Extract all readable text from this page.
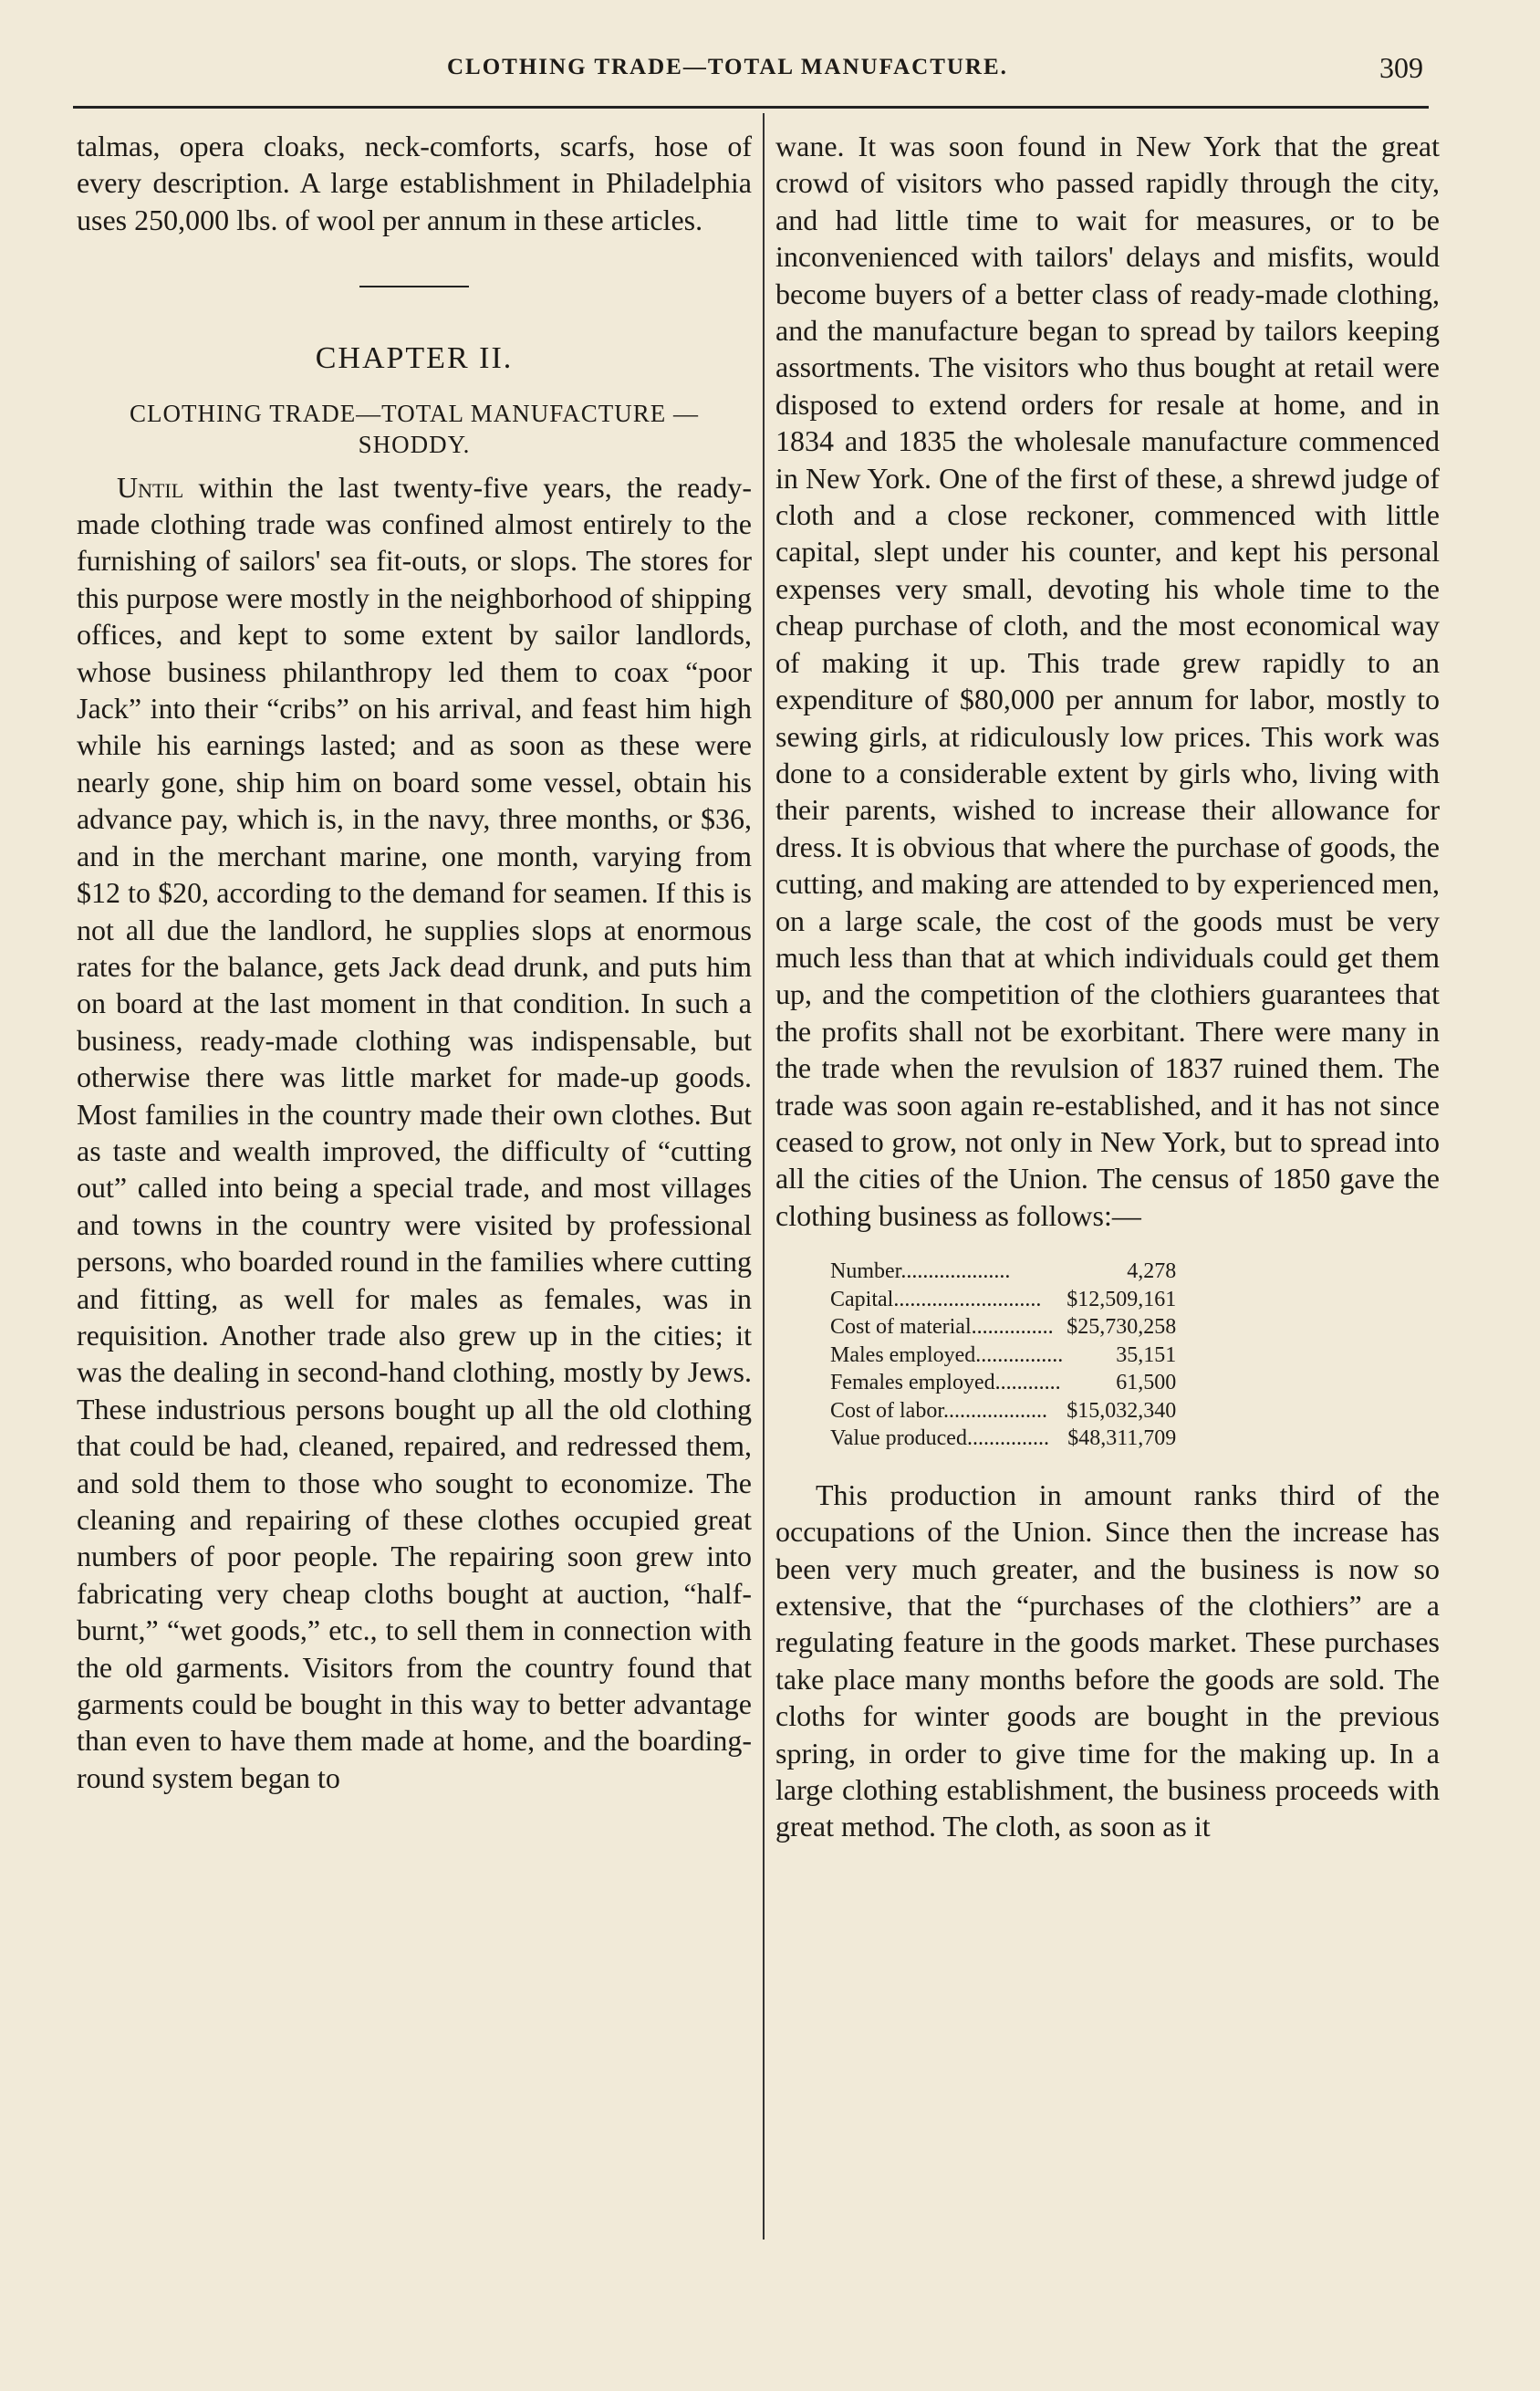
CLOTHING TRADE—TOTAL MANUFACTURE.	309

talmas, opera cloaks, neck-comforts, scarfs, hose of every description. A large establishment in Philadelphia uses 250,000 lbs. of wool per annum in these articles.

CHAPTER II.

CLOTHING TRADE—TOTAL MANUFACTURE —SHODDY.

Until within the last twenty-five years, the ready-made clothing trade was confined almost entirely to the furnishing of sailors' sea fit-outs, or slops. The stores for this purpose were mostly in the neighborhood of shipping offices, and kept to some extent by sailor landlords, whose business philanthropy led them to coax “poor Jack” into their “cribs” on his arrival, and feast him high while his earnings lasted; and as soon as these were nearly gone, ship him on board some vessel, obtain his advance pay, which is, in the navy, three months, or $36, and in the merchant marine, one month, varying from $12 to $20, according to the demand for seamen. If this is not all due the landlord, he supplies slops at enormous rates for the balance, gets Jack dead drunk, and puts him on board at the last moment in that condition. In such a business, ready-made clothing was indispensable, but otherwise there was little market for made-up goods. Most families in the country made their own clothes. But as taste and wealth improved, the difficulty of “cutting out” called into being a special trade, and most villages and towns in the country were visited by professional persons, who boarded round in the families where cutting and fitting, as well for males as females, was in requisition. Another trade also grew up in the cities; it was the dealing in second-hand clothing, mostly by Jews. These industrious persons bought up all the old clothing that could be had, cleaned, repaired, and redressed them, and sold them to those who sought to economize. The cleaning and repairing of these clothes occupied great numbers of poor people. The repairing soon grew into fabricating very cheap cloths bought at auction, “half-burnt,” “wet goods,” etc., to sell them in connection with the old garments. Visitors from the country found that garments could be bought in this way to better advantage than even to have them made at home, and the boarding-round system began to

wane. It was soon found in New York that the great crowd of visitors who passed rapidly through the city, and had little time to wait for measures, or to be inconvenienced with tailors' delays and misfits, would become buyers of a better class of ready-made clothing, and the manufacture began to spread by tailors keeping assortments. The visitors who thus bought at retail were disposed to extend orders for resale at home, and in 1834 and 1835 the wholesale manufacture commenced in New York. One of the first of these, a shrewd judge of cloth and a close reckoner, commenced with little capital, slept under his counter, and kept his personal expenses very small, devoting his whole time to the cheap purchase of cloth, and the most economical way of making it up. This trade grew rapidly to an expenditure of $80,000 per annum for labor, mostly to sewing girls, at ridiculously low prices. This work was done to a considerable extent by girls who, living with their parents, wished to increase their allowance for dress. It is obvious that where the purchase of goods, the cutting, and making are attended to by experienced men, on a large scale, the cost of the goods must be very much less than that at which individuals could get them up, and the competition of the clothiers guarantees that the profits shall not be exorbitant. There were many in the trade when the revulsion of 1837 ruined them. The trade was soon again re-established, and it has not since ceased to grow, not only in New York, but to spread into all the cities of the Union. The census of 1850 gave the clothing business as follows:—

Number....................	4,278
Capital...........................	$12,509,161
Cost of material...............	$25,730,258
Males employed................	35,151
Females employed............	61,500
Cost of labor...................	$15,032,340
Value produced...............	$48,311,709

This production in amount ranks third of the occupations of the Union. Since then the increase has been very much greater, and the business is now so extensive, that the “purchases of the clothiers” are a regulating feature in the goods market. These purchases take place many months before the goods are sold. The cloths for winter goods are bought in the previous spring, in order to give time for the making up. In a large clothing establishment, the business proceeds with great method. The cloth, as soon as it
